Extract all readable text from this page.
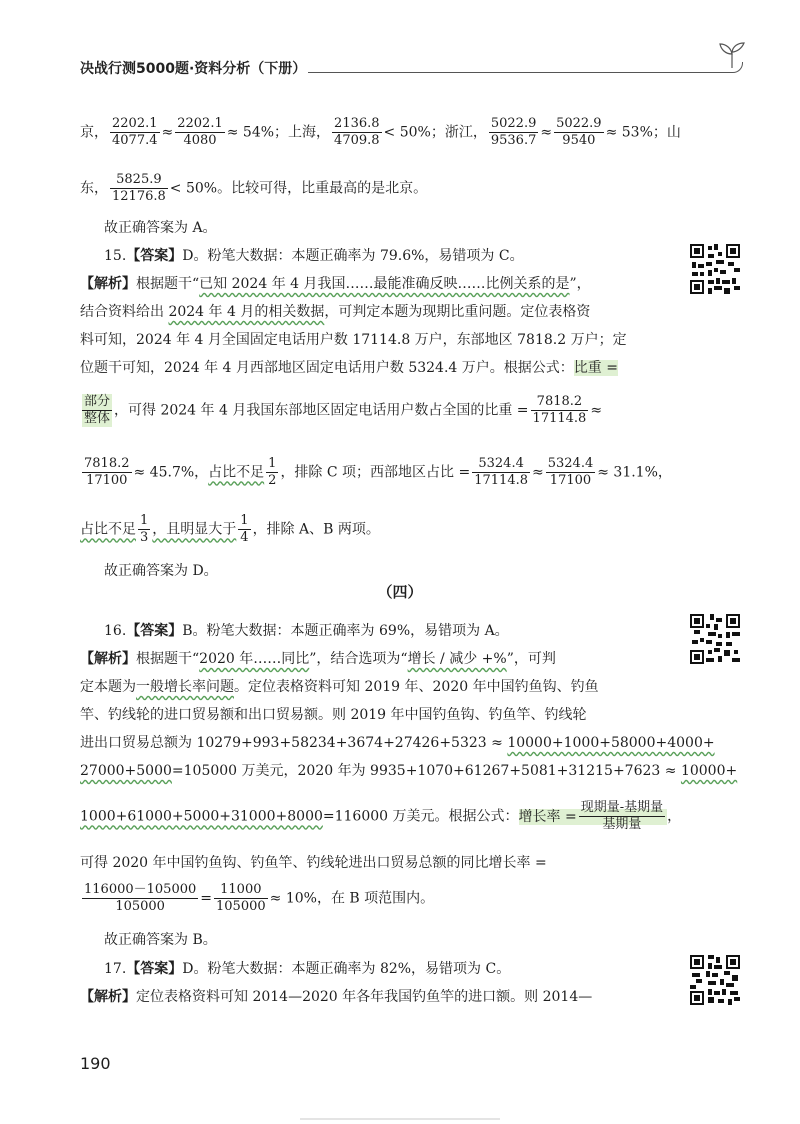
决战行测5000题·资料分析（下册）
京， $\frac{2202.1}{4077.4} \approx \frac{2202.1}{4080} \approx 54\%$；上海， $\frac{2136.8}{4709.8} < 50\%$；浙江， $\frac{5022.9}{9536.7} \approx \frac{5022.9}{9540} \approx 53\%$；山
东， $\frac{5825.9}{12176.8} < 50\%$。比较可得，比重最高的是北京。
故正确答案为 A。
15.【答案】D。粉笔大数据：本题正确率为 79.6%，易错项为 C。
【解析】根据题干“已知 2024 年 4 月我国……最能准确反映……比例关系的是”，
结合资料给出 2024 年 4 月的相关数据，可判定本题为现期比重问题。定位表格资
料可知，2024 年 4 月全国固定电话用户数 17114.8 万户，东部地区 7818.2 万户；定
位题干可知，2024 年 4 月西部地区固定电话用户数 5324.4 万户。根据公式：比重 =
$\frac{\text{部分}}{\text{整体}}$ ，可得 2024 年 4 月我国东部地区固定电话用户数占全国的比重 = $\frac{7818.2}{17114.8}$ ≈
$\frac{7818.2}{17100} \approx 45.7\%$，占比不足 $\frac{1}{2}$ ，排除 C 项；西部地区占比 = $\frac{5324.4}{17114.8} \approx \frac{5324.4}{17100} \approx 31.1\%$，
占比不足 $\frac{1}{3}$ ，且明显大于 $\frac{1}{4}$ ，排除 A、B 两项。
故正确答案为 D。
（四）
16.【答案】B。粉笔大数据：本题正确率为 69%，易错项为 A。
【解析】根据题干“2020 年……同比”，结合选项为“增长 / 减少 +%”，可判
定本题为一般增长率问题。定位表格资料可知 2019 年、2020 年中国钓鱼钩、钓鱼
竿、钓线轮的进口贸易额和出口贸易额。则 2019 年中国钓鱼钩、钓鱼竿、钓线轮
进出口贸易总额为 10279+993+58234+3674+27426+5323 ≈ 10000+1000+58000+4000+
27000+5000=105000 万美元，2020 年为 9935+1070+61267+5081+31215+7623 ≈ 10000+
1000+61000+5000+31000+8000=116000 万美元。根据公式：增长率 = $\frac{\text{现期量-基期量}}{\text{基期量}}$ ，
可得 2020 年中国钓鱼钩、钓鱼竿、钓线轮进出口贸易总额的同比增长率 =
$\frac{116000-105000}{105000} = \frac{11000}{105000} \approx 10\%$，在 B 项范围内。
故正确答案为 B。
17.【答案】D。粉笔大数据：本题正确率为 82%，易错项为 C。
【解析】定位表格资料可知 2014—2020 年各年我国钓鱼竿的进口额。则 2014—
190
